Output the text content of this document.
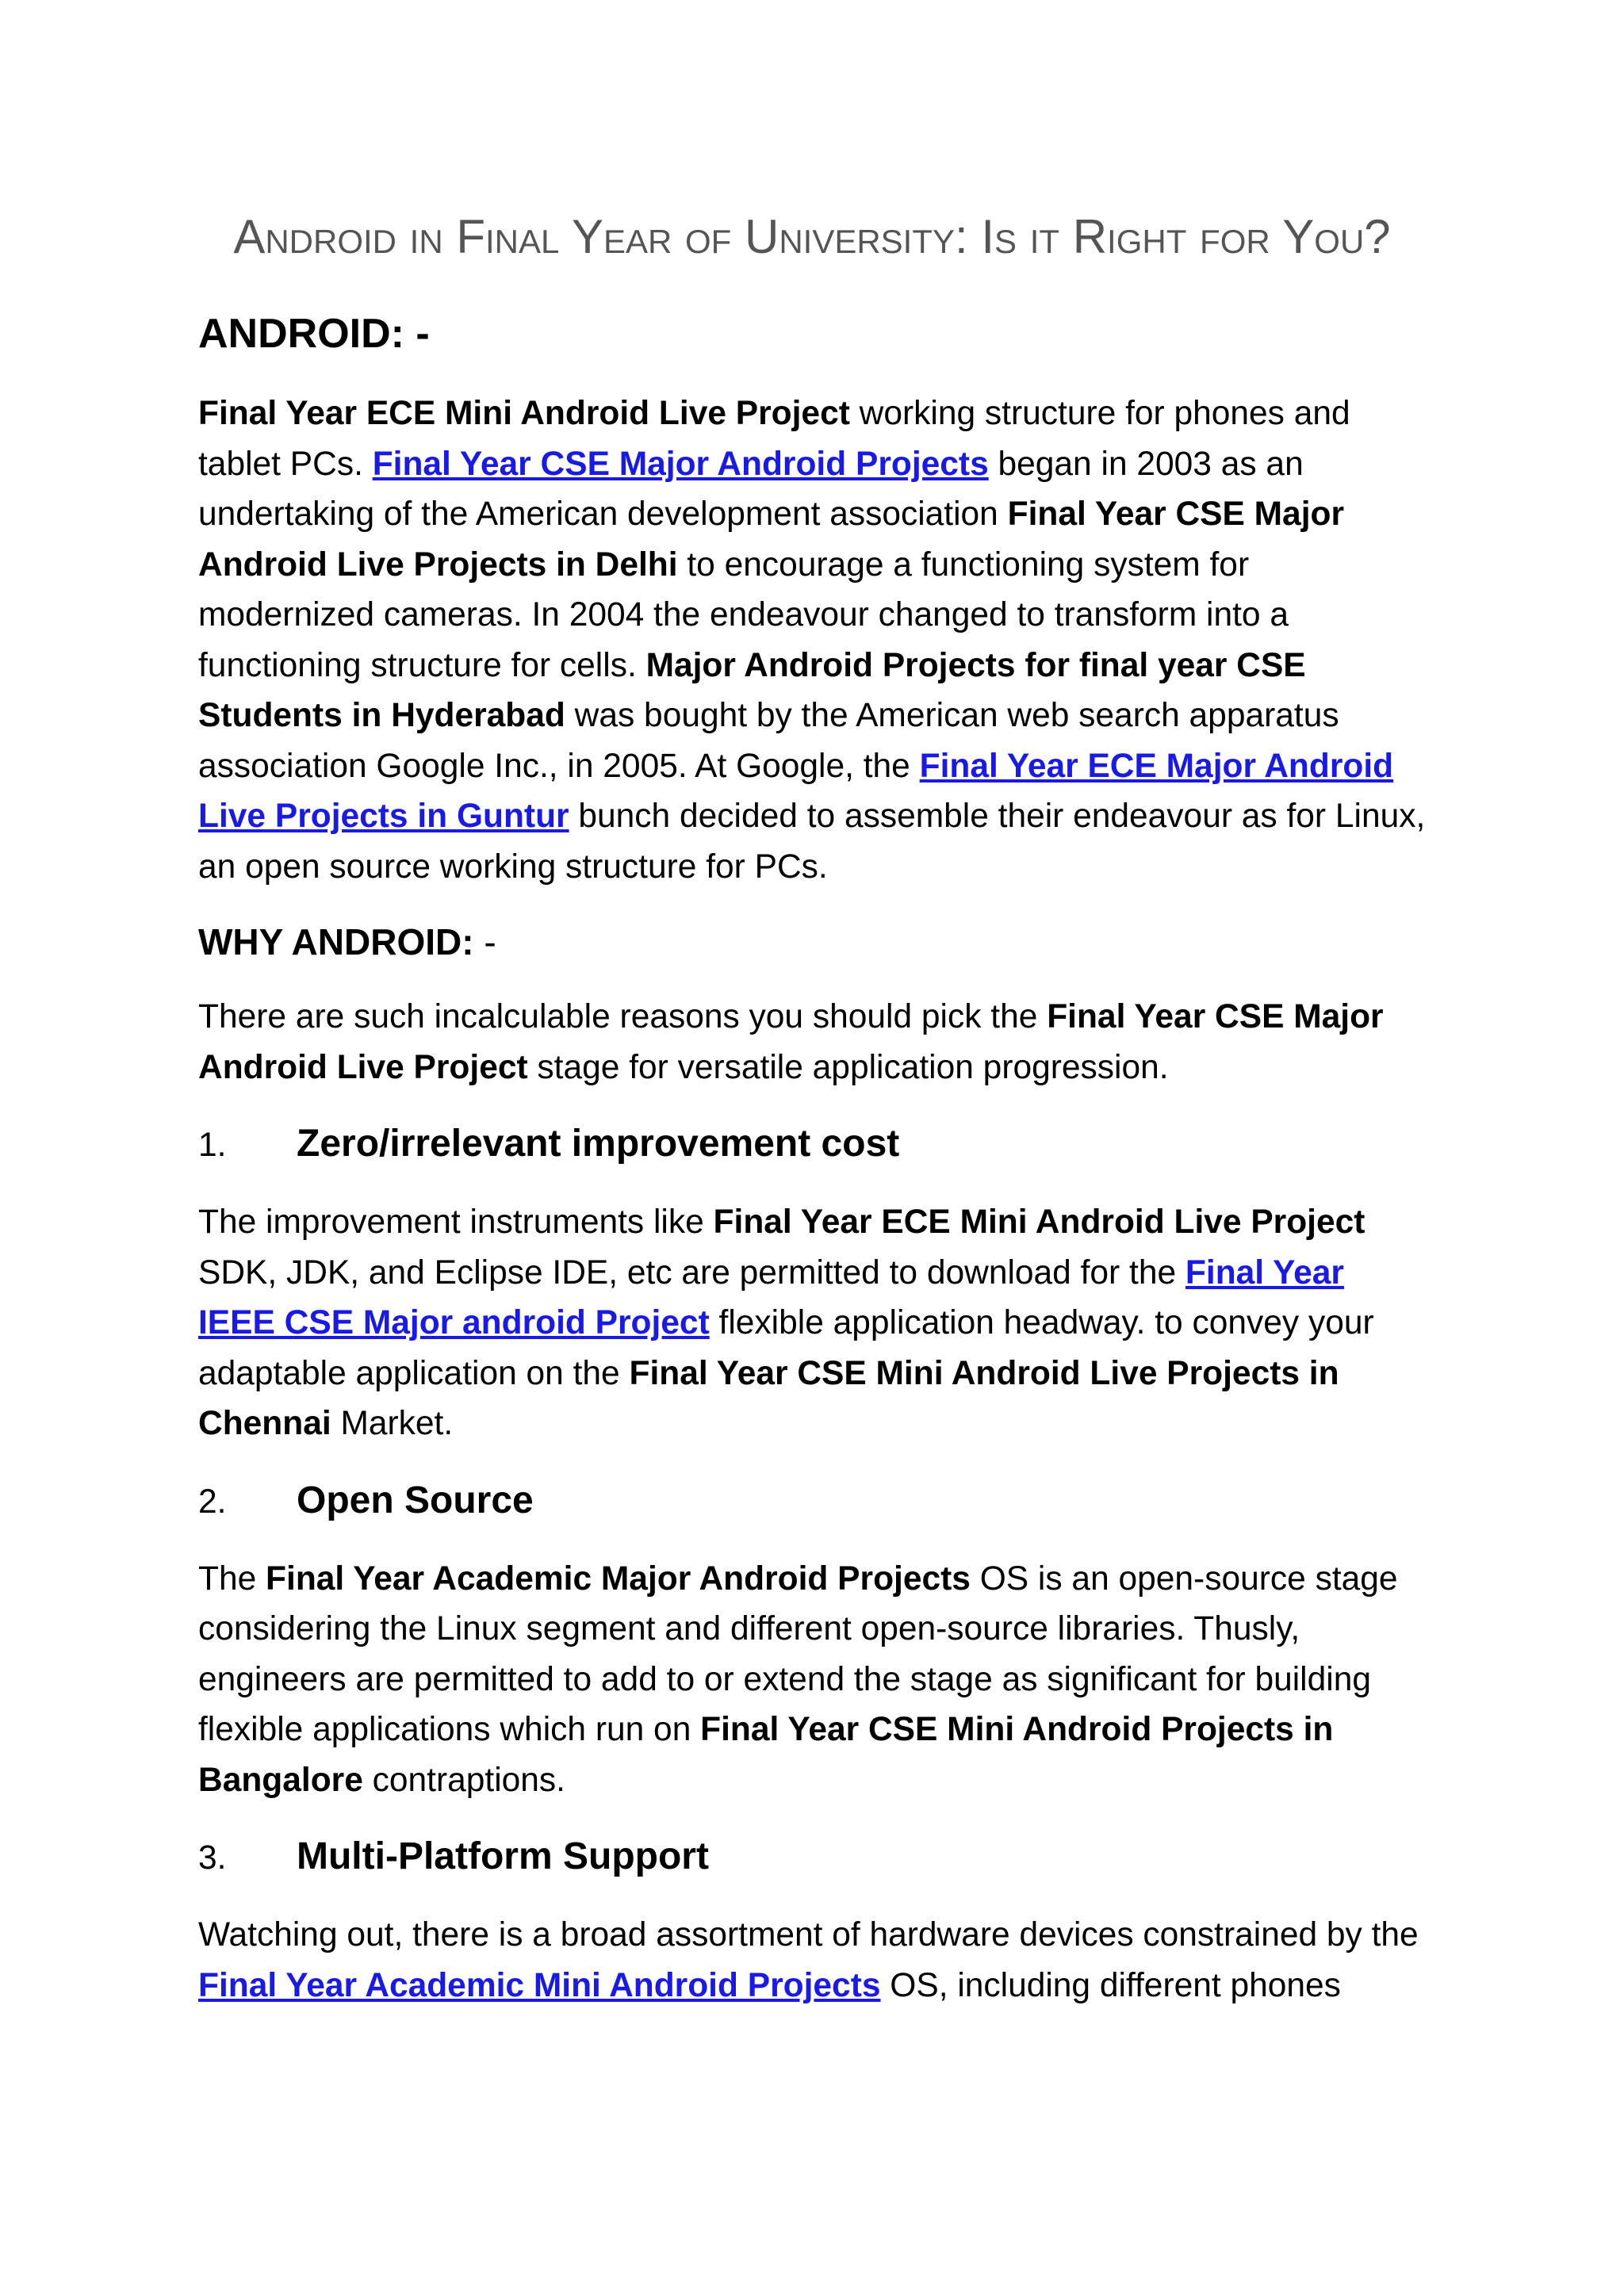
Android in Final Year of University: Is it Right for You?
ANDROID: -

Final Year ECE Mini Android Live Project working structure for phones and tablet PCs. Final Year CSE Major Android Projects began in 2003 as an undertaking of the American development association Final Year CSE Major Android Live Projects in Delhi to encourage a functioning system for modernized cameras. In 2004 the endeavour changed to transform into a functioning structure for cells. Major Android Projects for final year CSE Students in Hyderabad was bought by the American web search apparatus association Google Inc., in 2005. At Google, the Final Year ECE Major Android Live Projects in Guntur bunch decided to assemble their endeavour as for Linux, an open source working structure for PCs.

WHY ANDROID: -

There are such incalculable reasons you should pick the Final Year CSE Major Android Live Project stage for versatile application progression.

1.	Zero/irrelevant improvement cost

The improvement instruments like Final Year ECE Mini Android Live Project SDK, JDK, and Eclipse IDE, etc are permitted to download for the Final Year IEEE CSE Major android Project flexible application headway. to convey your adaptable application on the Final Year CSE Mini Android Live Projects in Chennai Market.

2.	Open Source

The Final Year Academic Major Android Projects OS is an open-source stage considering the Linux segment and different open-source libraries. Thusly, engineers are permitted to add to or extend the stage as significant for building flexible applications which run on Final Year CSE Mini Android Projects in Bangalore contraptions.

3.	Multi-Platform Support

Watching out, there is a broad assortment of hardware devices constrained by the Final Year Academic Mini Android Projects OS, including different phones
